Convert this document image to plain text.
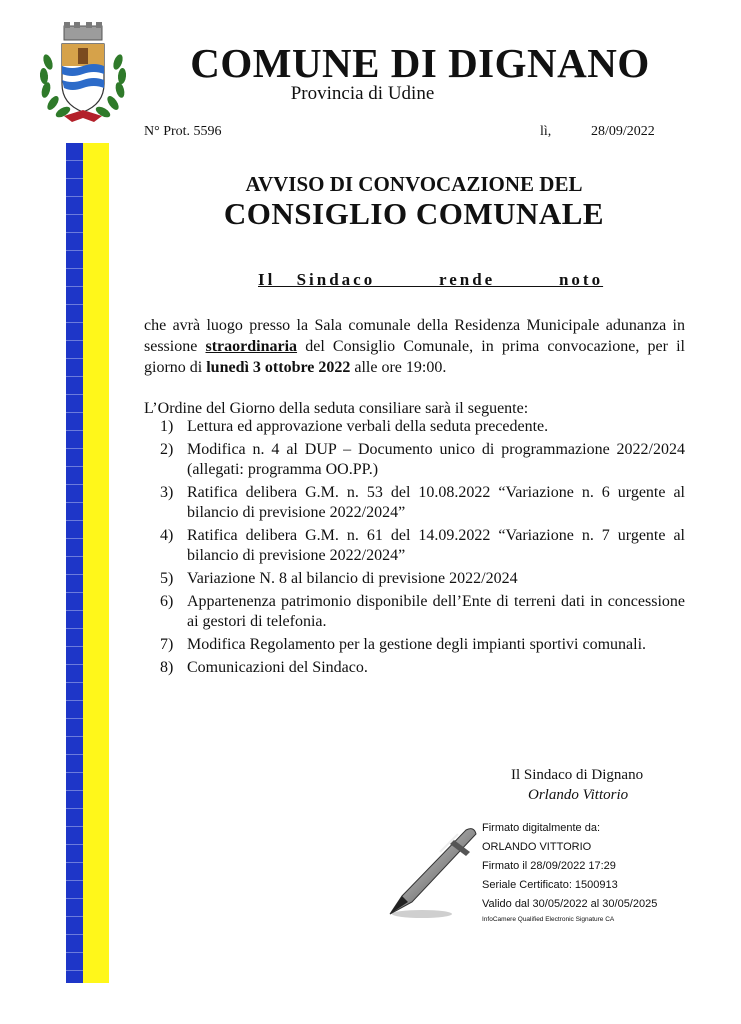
COMUNE DI DIGNANO
Provincia di Udine
N° Prot. 5596	lì,	28/09/2022
AVVISO DI CONVOCAZIONE DEL
CONSIGLIO COMUNALE
Il Sindaco   rende   noto
che avrà luogo presso la Sala comunale della Residenza Municipale adunanza in sessione straordinaria del Consiglio Comunale, in prima convocazione, per il giorno di lunedì 3 ottobre 2022 alle ore 19:00.
L’Ordine del Giorno della seduta consiliare sarà il seguente:
1) Lettura ed approvazione verbali della seduta precedente.
2) Modifica n. 4 al DUP – Documento unico di programmazione 2022/2024 (allegati: programma OO.PP.)
3) Ratifica delibera G.M. n. 53 del 10.08.2022 “Variazione n. 6 urgente al bilancio di previsione 2022/2024”
4) Ratifica delibera G.M. n. 61 del 14.09.2022 “Variazione n. 7 urgente al bilancio di previsione 2022/2024”
5) Variazione N. 8 al bilancio di previsione 2022/2024
6) Appartenenza patrimonio disponibile dell’Ente di terreni dati in concessione ai gestori di telefonia.
7) Modifica Regolamento per la gestione degli impianti sportivi comunali.
8) Comunicazioni del Sindaco.
Il Sindaco di Dignano
Orlando Vittorio
Firmato digitalmente da:
ORLANDO VITTORIO
Firmato il 28/09/2022 17:29
Seriale Certificato: 1500913
Valido dal 30/05/2022 al 30/05/2025
InfoCamere Qualified Electronic Signature CA
